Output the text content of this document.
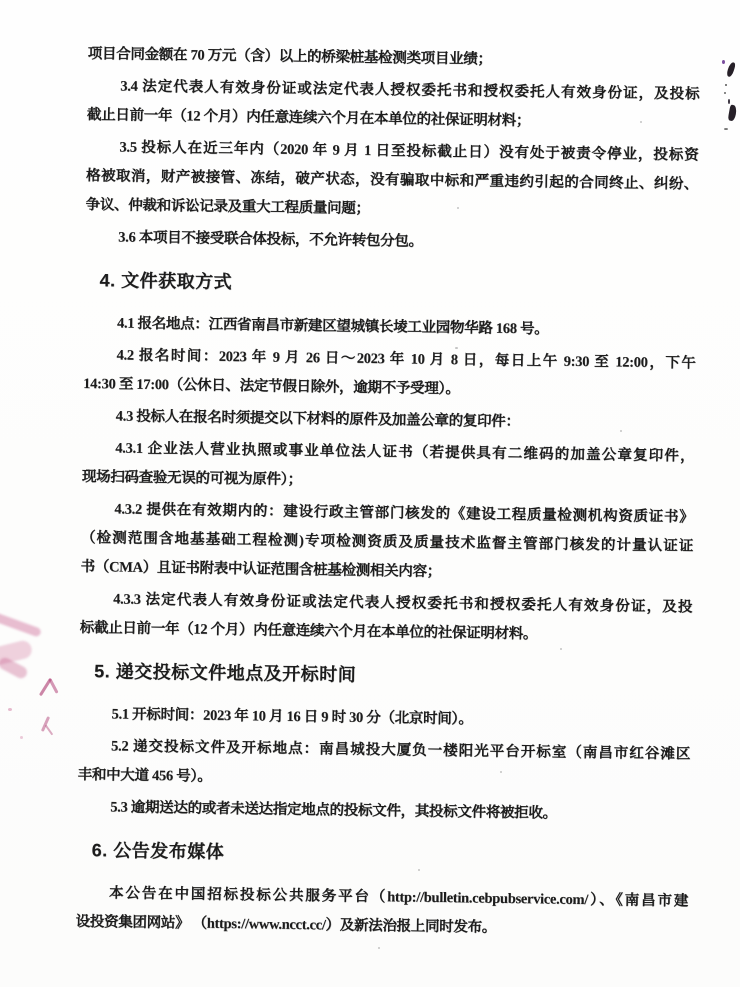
项目合同金额在 70 万元（含）以上的桥梁桩基检测类项目业绩；
3.4 法定代表人有效身份证或法定代表人授权委托书和授权委托人有效身份证，及投标
截止日前一年（12 个月）内任意连续六个月在本单位的社保证明材料；
3.5 投标人在近三年内（2020 年 9 月 1 日至投标截止日）没有处于被责令停业，投标资
格被取消，财产被接管、冻结，破产状态，没有骗取中标和严重违约引起的合同终止、纠纷、
争议、仲裁和诉讼记录及重大工程质量问题；
3.6 本项目不接受联合体投标，不允许转包分包。
4. 文件获取方式
4.1 报名地点：江西省南昌市新建区望城镇长堎工业园物华路 168 号。
4.2 报名时间：2023 年 9 月 26 日～2023 年 10 月 8 日，每日上午 9:30 至 12:00，下午
14:30 至 17:00（公休日、法定节假日除外，逾期不予受理）。
4.3 投标人在报名时须提交以下材料的原件及加盖公章的复印件：
4.3.1 企业法人营业执照或事业单位法人证书（若提供具有二维码的加盖公章复印件，
现场扫码查验无误的可视为原件）；
4.3.2 提供在有效期内的：建设行政主管部门核发的《建设工程质量检测机构资质证书》
（检测范围含地基基础工程检测)专项检测资质及质量技术监督主管部门核发的计量认证证
书（CMA）且证书附表中认证范围含桩基检测相关内容；
4.3.3 法定代表人有效身份证或法定代表人授权委托书和授权委托人有效身份证，及投
标截止日前一年（12 个月）内任意连续六个月在本单位的社保证明材料。
5. 递交投标文件地点及开标时间
5.1 开标时间：2023 年 10 月 16 日 9 时 30 分（北京时间）。
5.2 递交投标文件及开标地点：南昌城投大厦负一楼阳光平台开标室（南昌市红谷滩区
丰和中大道 456 号）。
5.3 逾期送达的或者未送达指定地点的投标文件，其投标文件将被拒收。
6. 公告发布媒体
本公告在中国招标投标公共服务平台（http://bulletin.cebpubservice.com/）、《南昌市建
设投资集团网站》 （https://www.ncct.cc/）及新法治报上同时发布。
